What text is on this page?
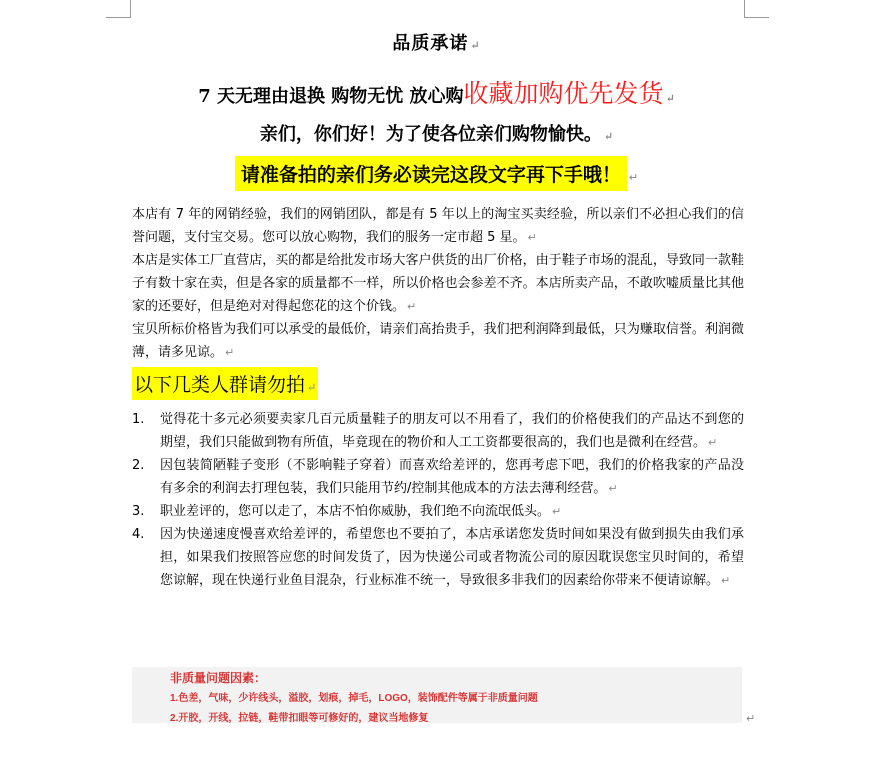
品质承诺 ↵
7 天无理由退换 购物无忧 放心购收藏加购优先发货 ↵
亲们，你们好！为了使各位亲们购物愉快。 ↵
请准备拍的亲们务必读完这段文字再下手哦！ ↵

本店有 7 年的网销经验，我们的网销团队，都是有 5 年以上的淘宝买卖经验，所以亲们不必担心我们的信誉问题，支付宝交易。您可以放心购物，我们的服务一定市超 5 星。 ↵

本店是实体工厂直营店，买的都是给批发市场大客户供货的出厂价格，由于鞋子市场的混乱，导致同一款鞋子有数十家在卖，但是各家的质量都不一样，所以价格也会参差不齐。本店所卖产品，不敢吹嘘质量比其他家的还要好，但是绝对对得起您花的这个价钱。 ↵

宝贝所标价格皆为我们可以承受的最低价，请亲们高抬贵手，我们把利润降到最低，只为赚取信誉。利润微薄，请多见谅。 ↵

以下几类人群请勿拍 ↵
1.	觉得花十多元必须要卖家几百元质量鞋子的朋友可以不用看了，我们的价格使我们的产品达不到您的期望，我们只能做到物有所值，毕竟现在的物价和人工工资都要很高的，我们也是微利在经营。 ↵
2.	因包装简陋鞋子变形（不影响鞋子穿着）而喜欢给差评的，您再考虑下吧，我们的价格我家的产品没有多余的利润去打理包装，我们只能用节约/控制其他成本的方法去薄利经营。 ↵
3.	职业差评的，您可以走了，本店不怕你威胁，我们绝不向流氓低头。 ↵
4.	因为快递速度慢喜欢给差评的，希望您也不要拍了，本店承诺您发货时间如果没有做到损失由我们承担，如果我们按照答应您的时间发货了，因为快递公司或者物流公司的原因耽误您宝贝时间的，希望您谅解，现在快递行业鱼目混杂，行业标准不统一，导致很多非我们的因素给你带来不便请谅解。 ↵
非质量问题因素：
1.色差，气味，少许线头，溢胶，划痕，掉毛，LOGO，装饰配件等属于非质量问题
2.开胶，开线，拉链，鞋带扣眼等可修好的，建议当地修复	↵
